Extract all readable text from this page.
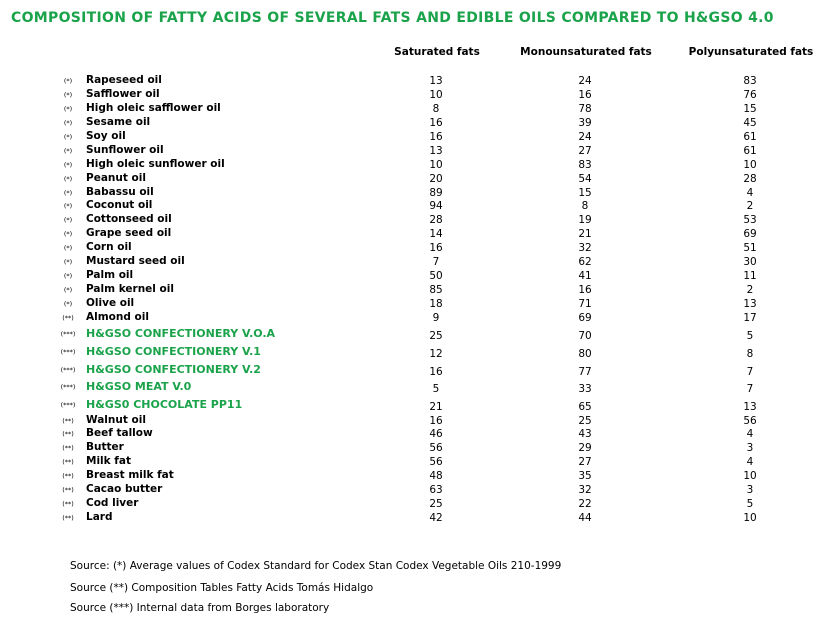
COMPOSITION OF FATTY ACIDS OF SEVERAL FATS AND EDIBLE OILS COMPARED TO H&GSO 4.0
Saturated fats	Monounsaturated fats	Polyunsaturated fats
(*)	Rapeseed oil	13	24	83
(*)	Safflower oil	10	16	76
(*)	High oleic safflower oil	8	78	15
(*)	Sesame oil	16	39	45
(*)	Soy oil	16	24	61
(*)	Sunflower oil	13	27	61
(*)	High oleic sunflower oil	10	83	10
(*)	Peanut oil	20	54	28
(*)	Babassu oil	89	15	4
(*)	Coconut oil	94	8	2
(*)	Cottonseed oil	28	19	53
(*)	Grape seed oil	14	21	69
(*)	Corn oil	16	32	51
(*)	Mustard seed oil	7	62	30
(*)	Palm oil	50	41	11
(*)	Palm kernel oil	85	16	2
(*)	Olive oil	18	71	13
(**)	Almond oil	9	69	17
(***) H&GSO CONFECTIONERY V.O.A	25	70	5
(***) H&GSO CONFECTIONERY V.1	12	80	8
(***) H&GSO CONFECTIONERY V.2	16	77	7
(***) H&GSO MEAT V.0	5	33	7
(***) H&GS0 CHOCOLATE PP11	21	65	13
(**)	Walnut oil	16	25	56
(**)	Beef tallow	46	43	4
(**)	Butter	56	29	3
(**)	Milk fat	56	27	4
(**)	Breast milk fat	48	35	10
(**)	Cacao butter	63	32	3
(**)	Cod liver	25	22	5
(**)	Lard	42	44	10
Source: (*) Average values of Codex Standard for Codex Stan Codex Vegetable Oils 210-1999
Source (**) Composition Tables Fatty Acids Tomás Hidalgo
Source (***) Internal data from Borges laboratory
